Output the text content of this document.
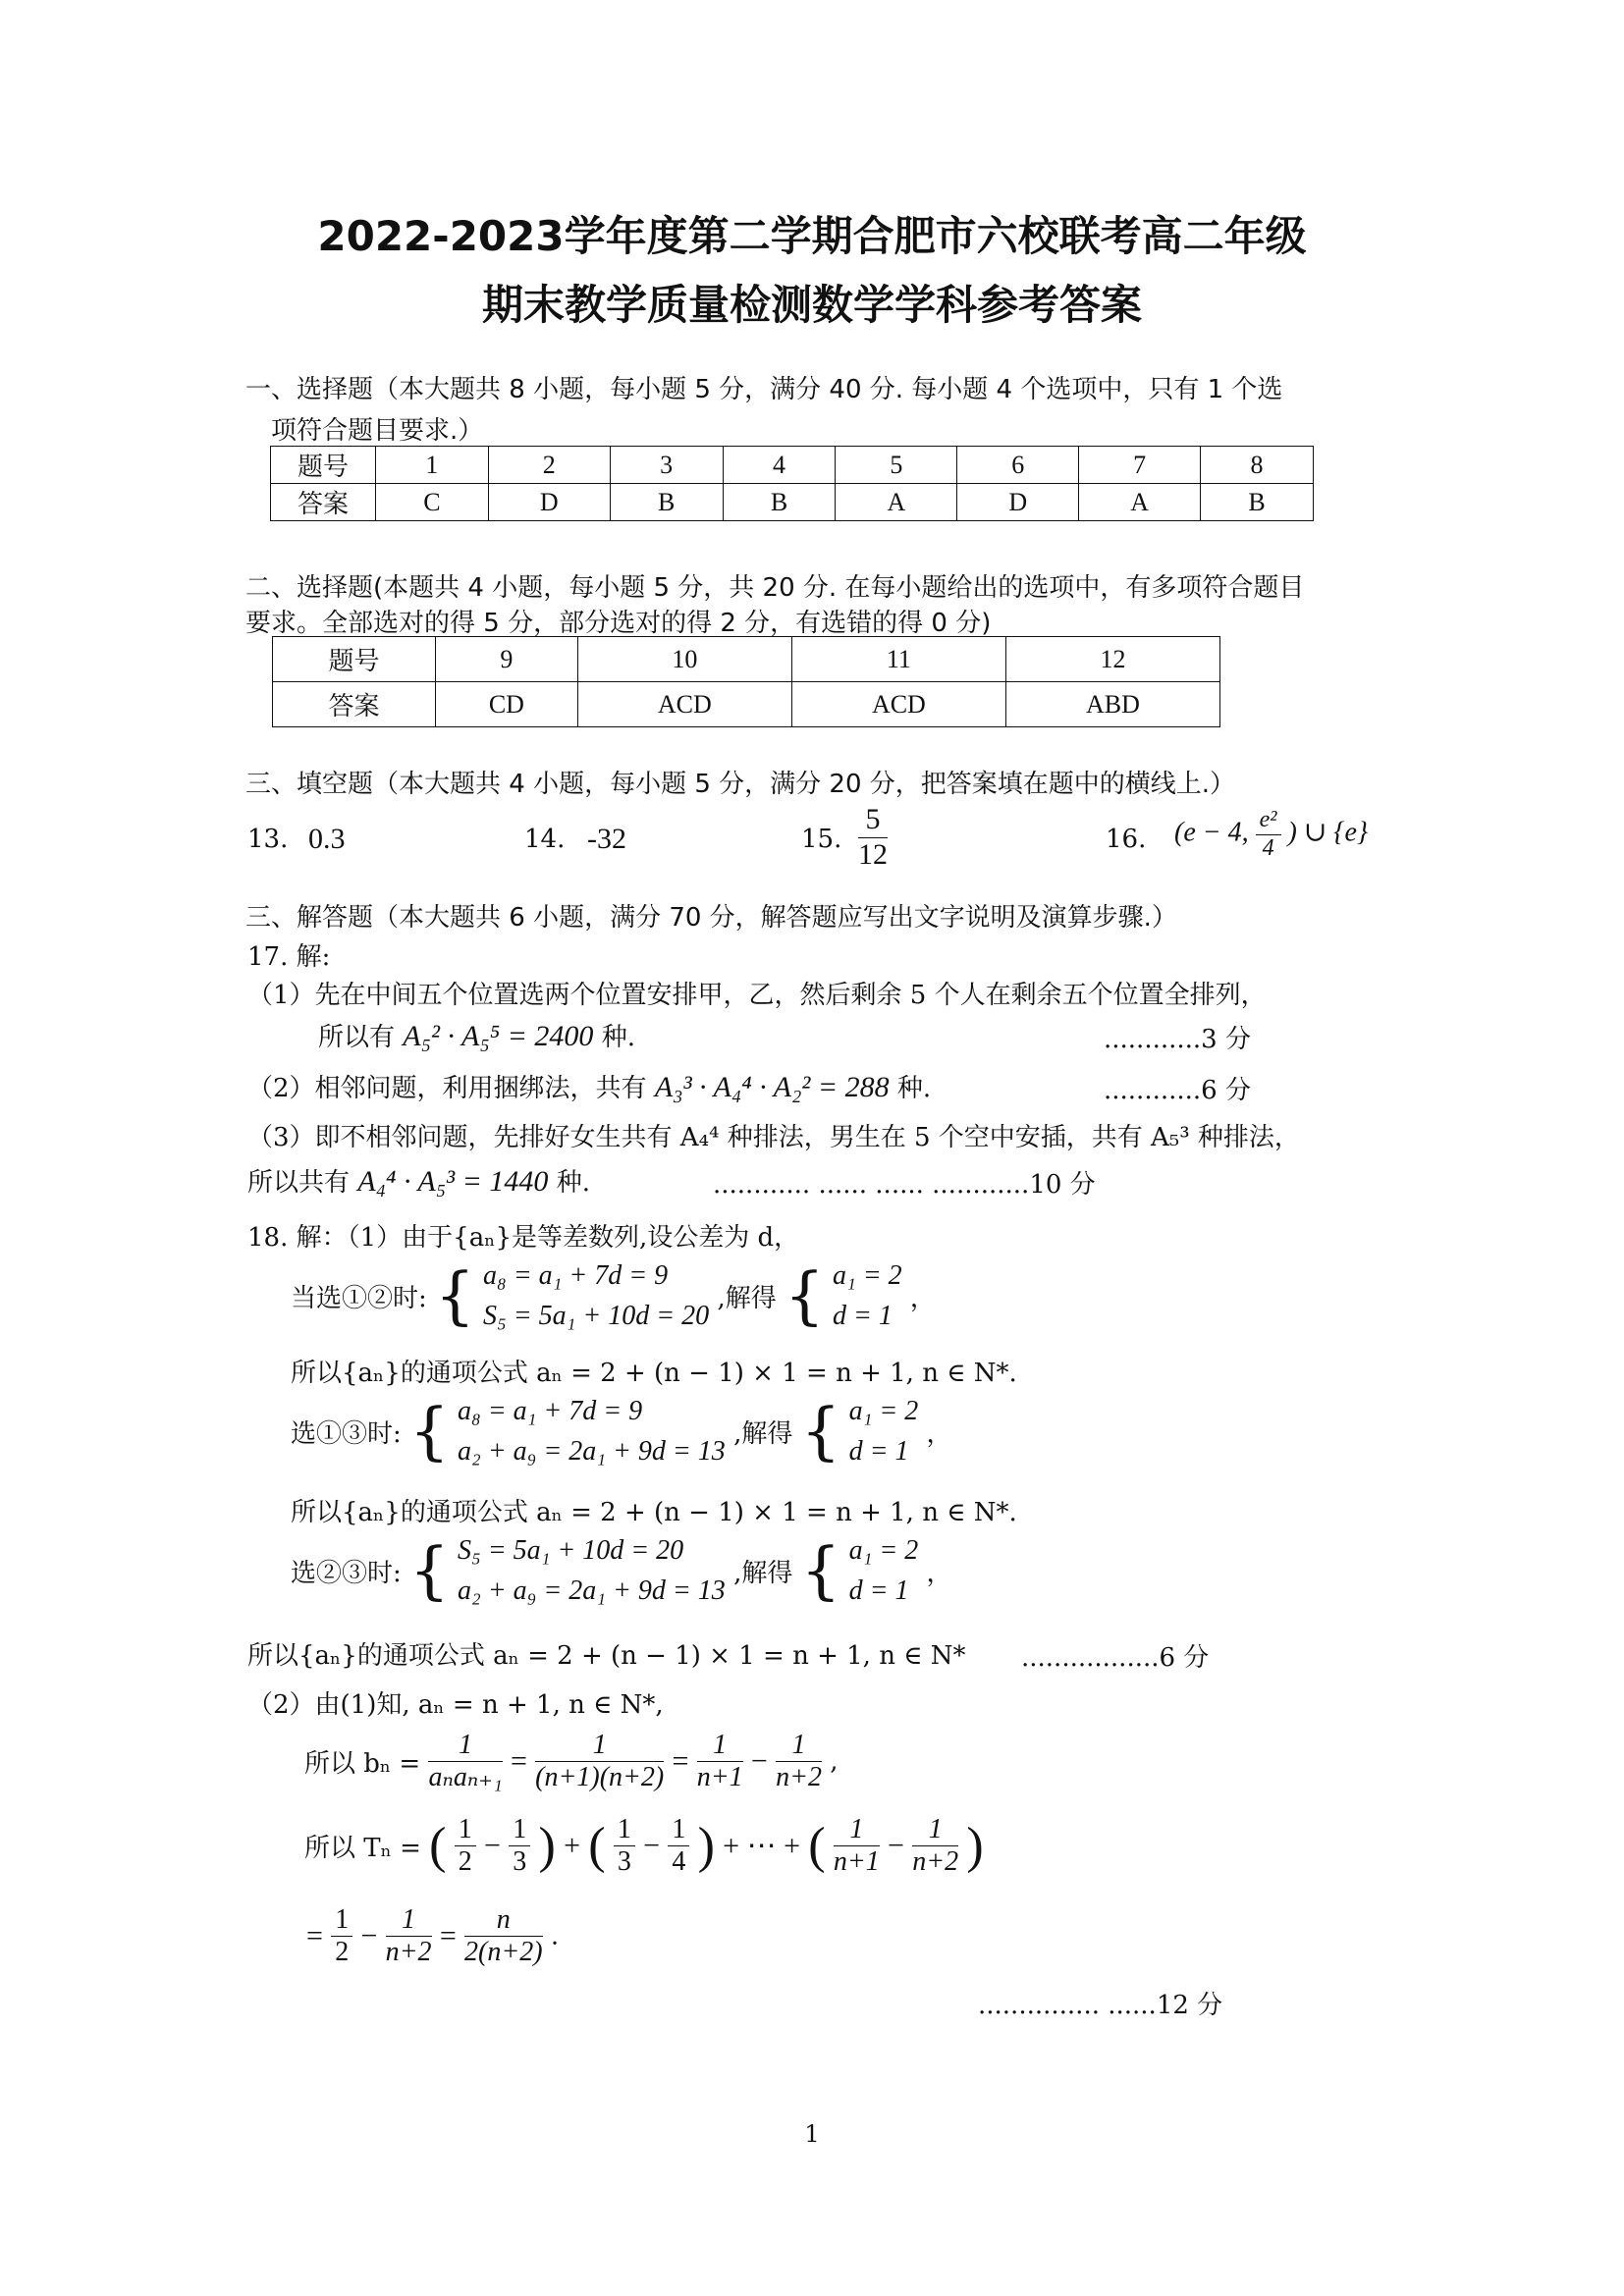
2022-2023学年度第二学期合肥市六校联考高二年级
期末教学质量检测数学学科参考答案
一、选择题（本大题共 8 小题，每小题 5 分，满分 40 分. 每小题 4 个选项中，只有 1 个选
项符合题目要求.）
题号	1	2	3	4	5	6	7	8
答案	C	D	B	B	A	D	A	B
二、选择题(本题共 4 小题，每小题 5 分，共 20 分. 在每小题给出的选项中，有多项符合题目
要求。全部选对的得 5 分，部分选对的得 2 分，有选错的得 0 分)
题号	9	10	11	12
答案	CD	ACD	ACD	ABD
三、填空题（本大题共 4 小题，每小题 5 分，满分 20 分，把答案填在题中的横线上.）
13. 0.3	14. -32	15. $\frac{5}{12}$	16. (e − 4, $\frac{\text{e²}}{4}$ ) ∪ {e}
三、解答题（本大题共 6 小题，满分 70 分，解答题应写出文字说明及演算步骤.）
17. 解:
（1）先在中间五个位置选两个位置安排甲，乙，然后剩余 5 个人在剩余五个位置全排列，
所以有 A₅² · A₅⁵ = 2400 种.	............3 分
（2）相邻问题，利用捆绑法，共有 A₃³ · A₄⁴ · A₂² = 288 种.	............6 分
（3）即不相邻问题，先排好女生共有 A₄⁴ 种排法，男生在 5 个空中安插，共有 A₅³ 种排法，
所以共有 A₄⁴ · A₅³ = 1440 种.	............ ...... ...... ............10 分
18. 解：（1）由于{aₙ}是等差数列,设公差为 d，
当选①②时: { a₈ = a₁ + 7d = 9
S₅ = 5a₁ + 10d = 20
,解得 { a₁ = 2
d = 1
，
所以{aₙ}的通项公式 aₙ = 2 + (n − 1) × 1 = n + 1, n ∈ N*.
选①③时: { a₈ = a₁ + 7d = 9
a₂ + a₉ = 2a₁ + 9d = 13
,解得 { a₁ = 2
d = 1
，
所以{aₙ}的通项公式 aₙ = 2 + (n − 1) × 1 = n + 1, n ∈ N*.
选②③时: { S₅ = 5a₁ + 10d = 20
a₂ + a₉ = 2a₁ + 9d = 13
,解得 { a₁ = 2
d = 1
，
所以{aₙ}的通项公式 aₙ = 2 + (n − 1) × 1 = n + 1, n ∈ N* .................6 分
（2）由(1)知, aₙ = n + 1, n ∈ N*,
所以 $b_n = \frac{1}{\text{aₙaₙ₊₁}} = \frac{1}{(n+1)(n+2)} = \frac{1}{n+1} - \frac{1}{n+2}$ ,
所以 Tₙ = ( $\frac{1}{2} - \frac{1}{3}$ ) + ( $\frac{1}{3} - \frac{1}{4}$ ) + ⋯ + ( $\frac{1}{n+1} - \frac{1}{n+2}$ )
= $\frac{1}{2} - \frac{1}{n+2} = \frac{n}{2(n+2)}$ .
............... ......12 分
1
